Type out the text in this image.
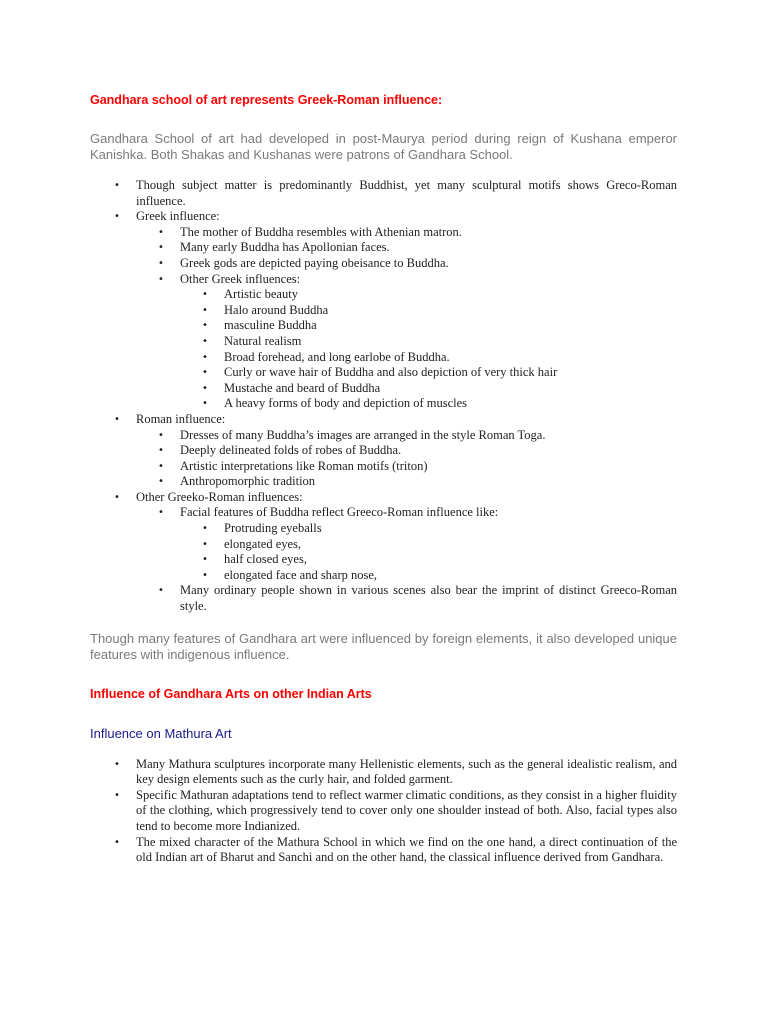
Gandhara school of art represents Greek-Roman influence:

Gandhara School of art had developed in post-Maurya period during reign of Kushana emperor Kanishka. Both Shakas and Kushanas were patrons of Gandhara School.

• Though subject matter is predominantly Buddhist, yet many sculptural motifs shows Greco-Roman influence.
• Greek influence:
• The mother of Buddha resembles with Athenian matron.
• Many early Buddha has Apollonian faces.
• Greek gods are depicted paying obeisance to Buddha.
• Other Greek influences:
• Artistic beauty
• Halo around Buddha
• masculine Buddha
• Natural realism
• Broad forehead, and long earlobe of Buddha.
• Curly or wave hair of Buddha and also depiction of very thick hair
• Mustache and beard of Buddha
• A heavy forms of body and depiction of muscles
• Roman influence:
• Dresses of many Buddha’s images are arranged in the style Roman Toga.
• Deeply delineated folds of robes of Buddha.
• Artistic interpretations like Roman motifs (triton)
• Anthropomorphic tradition
• Other Greeko-Roman influences:
• Facial features of Buddha reflect Greeco-Roman influence like:
• Protruding eyeballs
• elongated eyes,
• half closed eyes,
• elongated face and sharp nose,
• Many ordinary people shown in various scenes also bear the imprint of distinct Greeco-Roman style.

Though many features of Gandhara art were influenced by foreign elements, it also developed unique features with indigenous influence.

Influence of Gandhara Arts on other Indian Arts

Influence on Mathura Art

• Many Mathura sculptures incorporate many Hellenistic elements, such as the general idealistic realism, and key design elements such as the curly hair, and folded garment.
• Specific Mathuran adaptations tend to reflect warmer climatic conditions, as they consist in a higher fluidity of the clothing, which progressively tend to cover only one shoulder instead of both. Also, facial types also tend to become more Indianized.
• The mixed character of the Mathura School in which we find on the one hand, a direct continuation of the old Indian art of Bharut and Sanchi and on the other hand, the classical influence derived from Gandhara.
